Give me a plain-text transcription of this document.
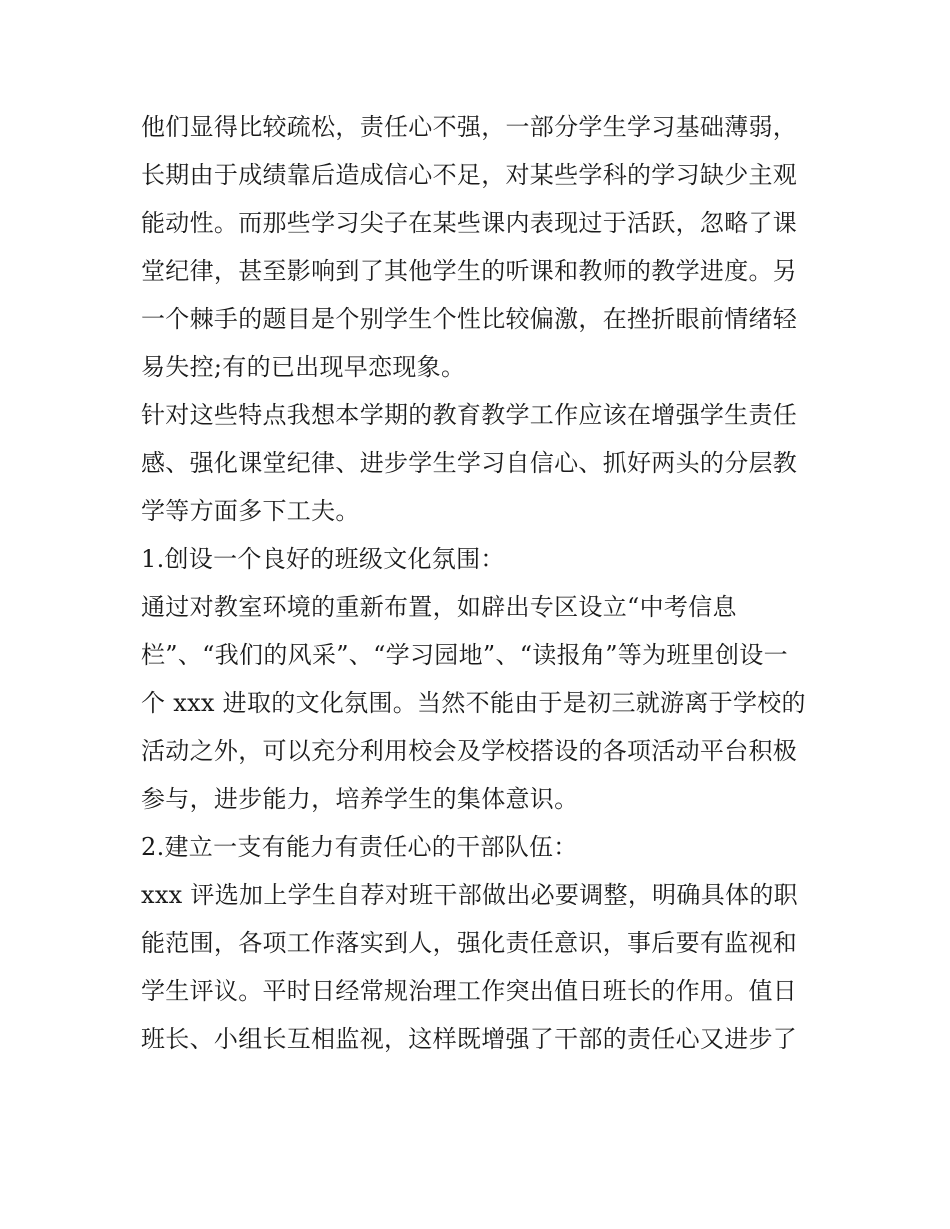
他们显得比较疏松，责任心不强，一部分学生学习基础薄弱，
长期由于成绩靠后造成信心不足，对某些学科的学习缺少主观
能动性。而那些学习尖子在某些课内表现过于活跃，忽略了课
堂纪律，甚至影响到了其他学生的听课和教师的教学进度。另
一个棘手的题目是个别学生个性比较偏激，在挫折眼前情绪轻
易失控;有的已出现早恋现象。
针对这些特点我想本学期的教育教学工作应该在增强学生责任
感、强化课堂纪律、进步学生学习自信心、抓好两头的分层教
学等方面多下工夫。
1.创设一个良好的班级文化氛围：
通过对教室环境的重新布置，如辟出专区设立“中考信息
栏”、“我们的风采”、“学习园地”、“读报角”等为班里创设一
个 xxx 进取的文化氛围。当然不能由于是初三就游离于学校的
活动之外，可以充分利用校会及学校搭设的各项活动平台积极
参与，进步能力，培养学生的集体意识。
2.建立一支有能力有责任心的干部队伍：
xxx 评选加上学生自荐对班干部做出必要调整，明确具体的职
能范围，各项工作落实到人，强化责任意识，事后要有监视和
学生评议。平时日经常规治理工作突出值日班长的作用。值日
班长、小组长互相监视，这样既增强了干部的责任心又进步了
